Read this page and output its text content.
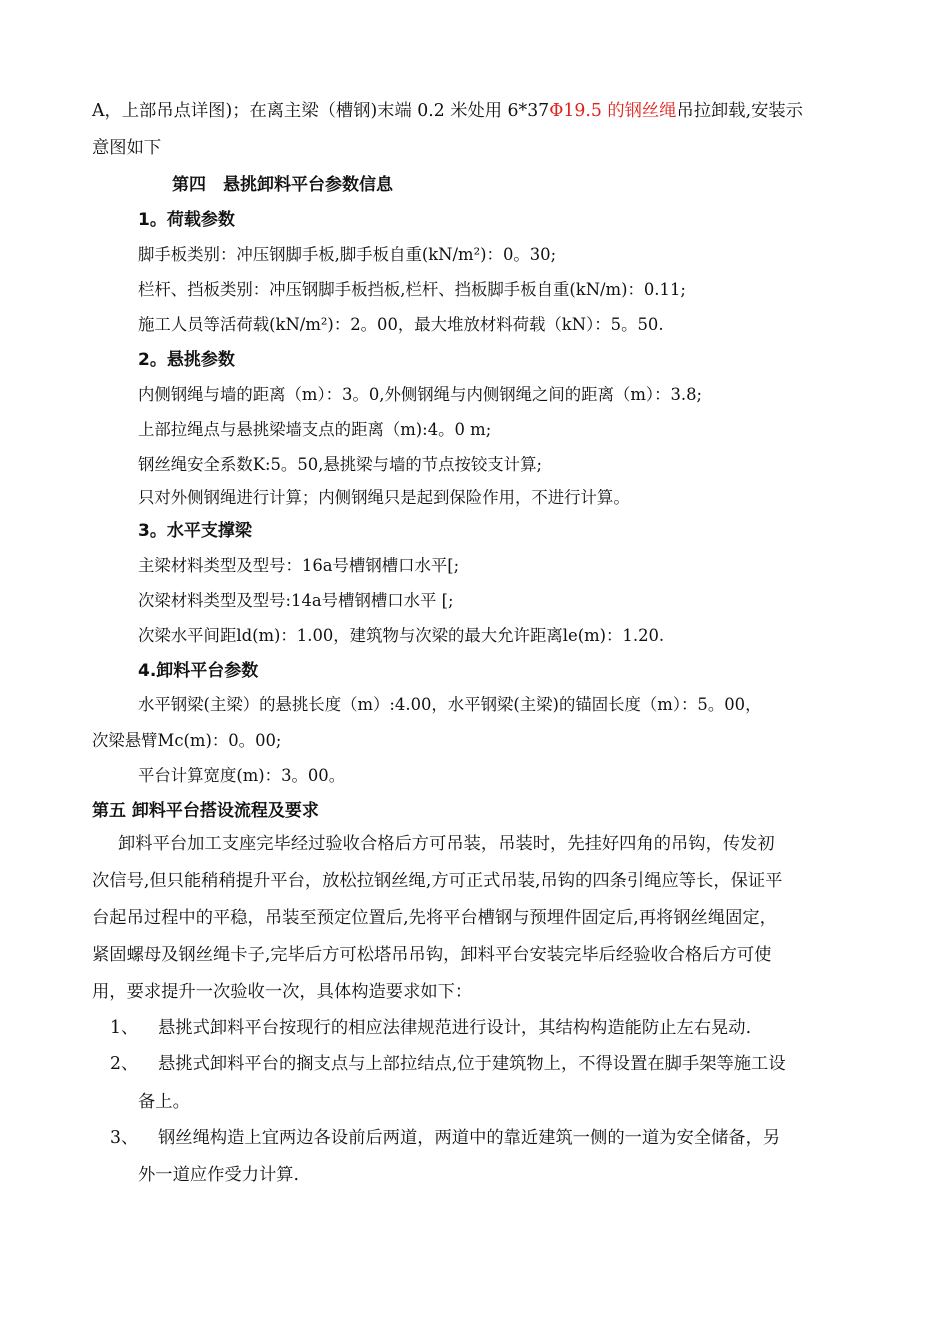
A，上部吊点详图)；在离主梁（槽钢)末端 0.2 米处用 6*37Φ19.5 的钢丝绳吊拉卸载,安装示
意图如下
第四　悬挑卸料平台参数信息
1。荷载参数
脚手板类别：冲压钢脚手板,脚手板自重(kN/m²)：0。30;
栏杆、挡板类别：冲压钢脚手板挡板,栏杆、挡板脚手板自重(kN/m)：0.11;
施工人员等活荷载(kN/m²)：2。00，最大堆放材料荷载（kN）：5。50.
2。悬挑参数
内侧钢绳与墙的距离（m）：3。0,外侧钢绳与内侧钢绳之间的距离（m）：3.8;
上部拉绳点与悬挑梁墙支点的距离（m):4。0 m;
钢丝绳安全系数K:5。50,悬挑梁与墙的节点按铰支计算;
只对外侧钢绳进行计算；内侧钢绳只是起到保险作用，不进行计算。
3。水平支撑梁
主梁材料类型及型号：16a号槽钢槽口水平[;
次梁材料类型及型号:14a号槽钢槽口水平 [;
次梁水平间距ld(m)：1.00，建筑物与次梁的最大允许距离le(m)：1.20.
4.卸料平台参数
水平钢梁(主梁）的悬挑长度（m）:4.00，水平钢梁(主梁)的锚固长度（m）：5。00，
次梁悬臂Mc(m)：0。00;
平台计算宽度(m)：3。00。
第五 卸料平台搭设流程及要求
卸料平台加工支座完毕经过验收合格后方可吊装，吊装时，先挂好四角的吊钩，传发初
次信号,但只能稍稍提升平台，放松拉钢丝绳,方可正式吊装,吊钩的四条引绳应等长，保证平
台起吊过程中的平稳，吊装至预定位置后,先将平台槽钢与预埋件固定后,再将钢丝绳固定，
紧固螺母及钢丝绳卡子,完毕后方可松塔吊吊钩，卸料平台安装完毕后经验收合格后方可使
用，要求提升一次验收一次，具体构造要求如下：
1、 悬挑式卸料平台按现行的相应法律规范进行设计，其结构构造能防止左右晃动.
2、 悬挑式卸料平台的搁支点与上部拉结点,位于建筑物上，不得设置在脚手架等施工设
备上。
3、 钢丝绳构造上宜两边各设前后两道，两道中的靠近建筑一侧的一道为安全储备，另
外一道应作受力计算.
